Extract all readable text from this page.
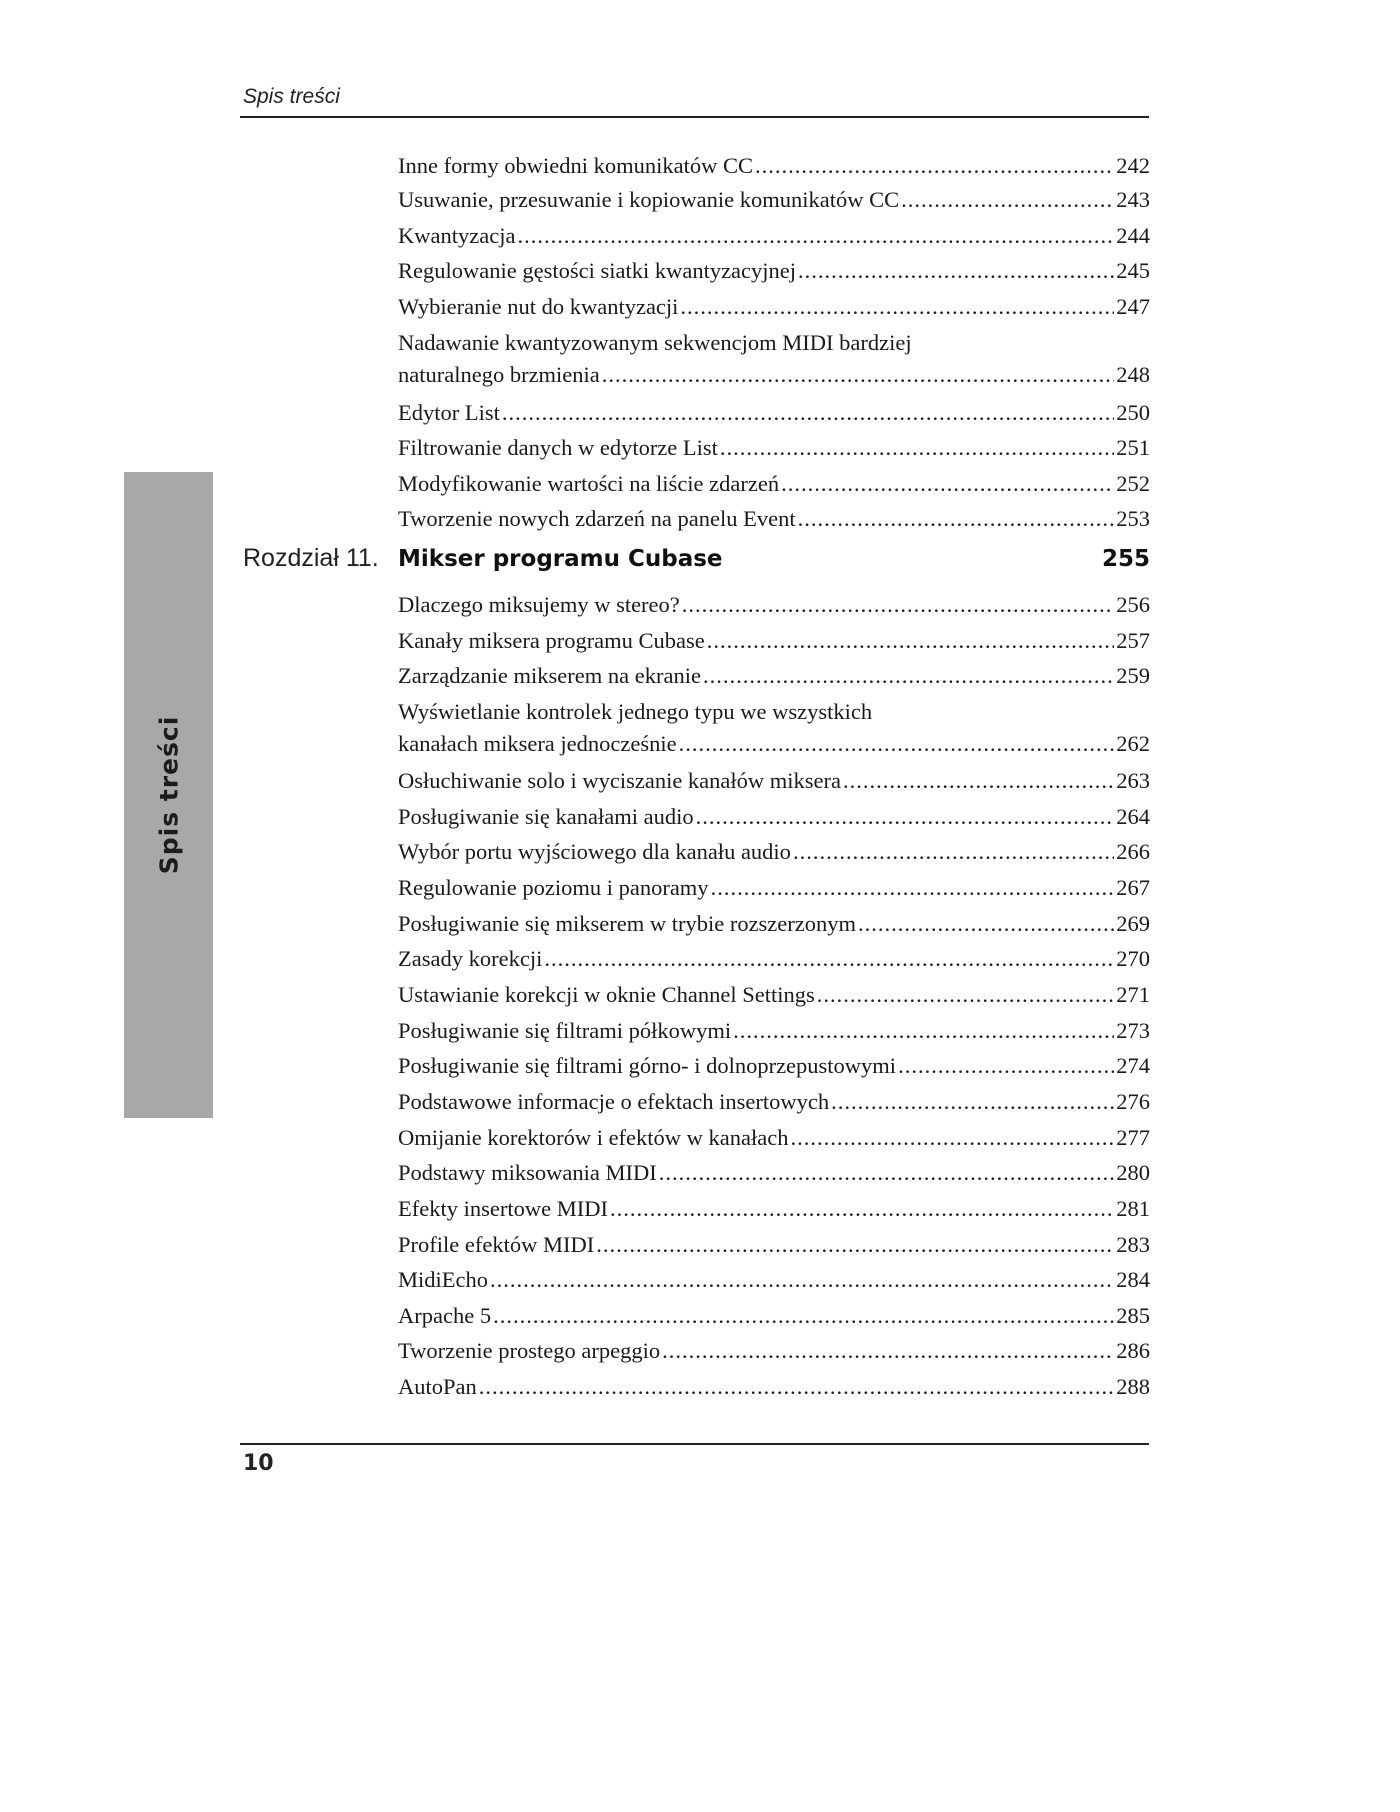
Spis treści
Spis treści
Inne formy obwiedni komunikatów CC .....	242
Usuwanie, przesuwanie i kopiowanie komunikatów CC .....	243
Kwantyzacja .....	244
Regulowanie gęstości siatki kwantyzacyjnej .....	245
Wybieranie nut do kwantyzacji .....	247
Nadawanie kwantyzowanym sekwencjom MIDI bardziej
naturalnego brzmienia .....	248
Edytor List .....	250
Filtrowanie danych w edytorze List .....	251
Modyfikowanie wartości na liście zdarzeń .....	252
Tworzenie nowych zdarzeń na panelu Event .....	253
Rozdział 11. Mikser programu Cubase	255
Dlaczego miksujemy w stereo? .....	256
Kanały miksera programu Cubase .....	257
Zarządzanie mikserem na ekranie .....	259
Wyświetlanie kontrolek jednego typu we wszystkich
kanałach miksera jednocześnie .....	262
Osłuchiwanie solo i wyciszanie kanałów miksera .....	263
Posługiwanie się kanałami audio .....	264
Wybór portu wyjściowego dla kanału audio .....	266
Regulowanie poziomu i panoramy .....	267
Posługiwanie się mikserem w trybie rozszerzonym .....	269
Zasady korekcji .....	270
Ustawianie korekcji w oknie Channel Settings .....	271
Posługiwanie się filtrami półkowymi .....	273
Posługiwanie się filtrami górno- i dolnoprzepustowymi .....	274
Podstawowe informacje o efektach insertowych .....	276
Omijanie korektorów i efektów w kanałach .....	277
Podstawy miksowania MIDI .....	280
Efekty insertowe MIDI .....	281
Profile efektów MIDI .....	283
MidiEcho .....	284
Arpache 5 .....	285
Tworzenie prostego arpeggio .....	286
AutoPan .....	288
10
